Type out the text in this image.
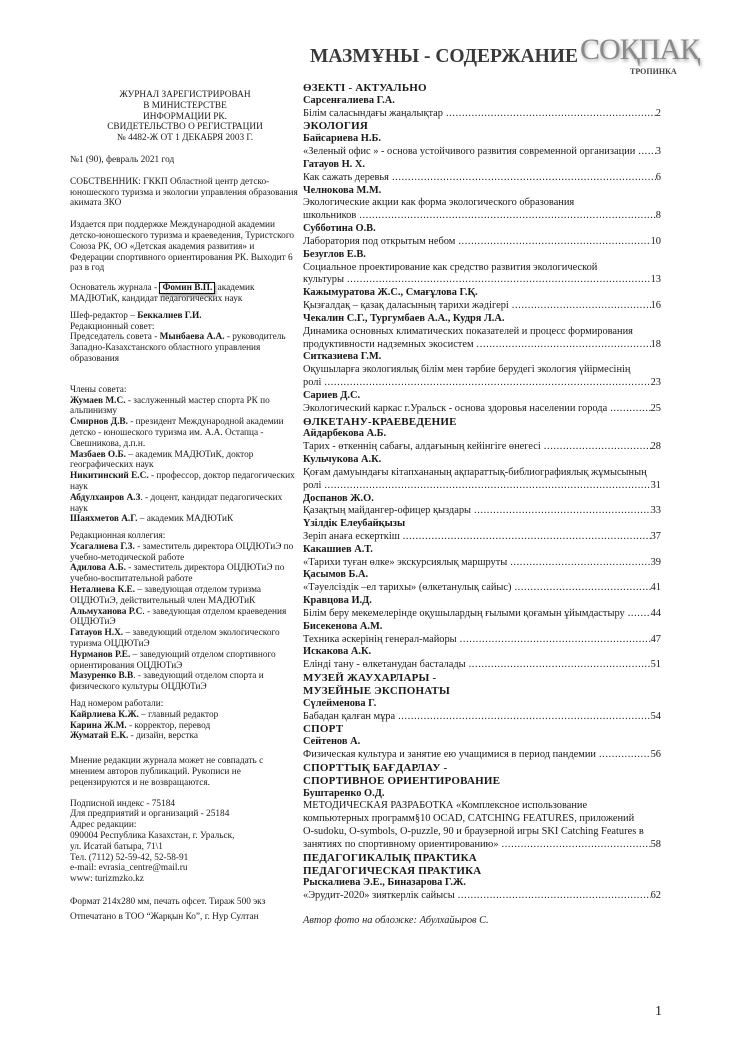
ЖУРНАЛ ЗАРЕГИСТРИРОВАН
В МИНИСТЕРСТВЕ
ИНФОРМАЦИИ РК.
СВИДЕТЕЛЬСТВО О РЕГИСТРАЦИИ
№ 4482-Ж ОТ 1 ДЕКАБРЯ 2003 Г.
№1 (90), февраль 2021 год
СОБСТВЕННИК: ГККП Областной центр детско-юношеского туризма и экологии управления образования акимата ЗКО
Издается при поддержке Международной академии детско-юношеского туризма и краеведения, Туристского Союза РК, ОО «Детская академия развития» и Федерации спортивного ориентирования РК. Выходит 6 раз в год
Основатель журнала - Фомин В.П. академик МАДЮТиК, кандидат педагогических наук
Шеф-редактор – Беккалиев Г.И.
Редакционный совет:
Председатель совета - Мынбаева А.А. - руководитель Западно-Казахстанского областного управления образования
Члены совета:
Жумаев М.С. - заслуженный мастер спорта РК по альпинизму
Смирнов Д.В. - президент Международной академии детско - юношеского туризма им. А.А. Остапца - Свешникова, д.п.н.
Мазбаев О.Б. – академик МАДЮТиК, доктор географических наук
Никитинский Е.С. - профессор, доктор педагогических наук
Абдулхаиров А.З. - доцент, кандидат педагогических наук
Шаяхметов А.Г. – академик МАДЮТиК
Редакционная коллегия:
Усагалиева Г.З. - заместитель директора ОЦДЮТиЭ по учебно-методической работе
Адилова А.Б. - заместитель директора ОЦДЮТиЭ по учебно-воспитательной работе
Неталиева К.Е. – заведующая отделом туризма ОЦДЮТиЭ, действительный член МАДЮТиК
Альмуханова Р.С. - заведующая отделом краеведения ОЦДЮТиЭ
Гатауов Н.Х. – заведующий отделом экологического туризма ОЦДЮТиЭ
Нурманов Р.Е. – заведующий отделом спортивного ориентирования ОЦДЮТиЭ
Мазуренко В.В. - заведующий отделом спорта и физического культуры ОЦДЮТиЭ
Над номером работали:
Кайрлиева К.Ж. – главный редактор
Карина Ж.М. - корректор, перевод
Жуматай Е.К. - дизайн, верстка
Мнение редакции журнала может не совпадать с мнением авторов публикаций. Рукописи не рецензируются и не возвращаются.
Подписной индекс - 75184
Для предприятий и организаций - 25184
Адрес редакции:
090004 Республика Казахстан, г. Уральск,
ул. Исатай батыра, 71\1
Тел. (7112) 52-59-42, 52-58-91
e-mail: evrasia_centre@mail.ru
www: turizmzko.kz
Формат 214x280 мм, печать офсет. Тираж 500 экз
Отпечатано в ТОО “Жарқын Ко”, г. Нур Султан
МАЗМҰНЫ - СОДЕРЖАНИЕ СОҚПАҚ
ТРОПИНКА
ӨЗЕКТІ - АКТУАЛЬНО
Сарсенғалиева Г.А.
Білім саласындағы жаңалықтар .....	2
ЭКОЛОГИЯ
Байсариева Н.Б.
«Зеленый офис » - основа устойчивого развития современной организации ..... 3
Гатауов Н. Х.
Как сажать деревья .....	6
Челнокова М.М.
Экологические акции как форма экологического образования
школьников .....	8
Субботина О.В.
Лаборатория под открытым небом .....	10
Безуглов Е.В.
Социальное проектирование как средство развития экологической
культуры .....	13
Кажымуратова Ж.С., Смағұлова Г.Қ.
Қызғалдақ – қазақ даласының тарихи жәдігері .....	16
Чекалин С.Г., Тургумбаев А.А., Кудря Л.А.
Динамика основных климатических показателей и процесс формирования
продуктивности надземных экосистем .....	18
Ситказиева Г.М.
Оқушыларға экологиялық білім мен тәрбие берудегі экология үйірмесінің
ролі .....	23
Сариев Д.С.
Экологический каркас г.Уральск - основа здоровья населении города .....	25
ӨЛКЕТАНУ-КРАЕВЕДЕНИЕ
Айдарбекова А.Б.
Тарих - өткеннің сабағы, алдағының кейінгіге өнегесі .....	28
Кульчукова А.К.
Қоғам дамуындағы кітапхананың ақпараттық-библиографиялық жұмысының
ролі .....	31
Доспанов Ж.О.
Қазақтың майдангер-офицер қыздары .....	33
Үзілдік Елеубайқызы
Зеріп анаға ескерткіш .....	37
Какашиев А.Т.
«Тарихи туған өлке» экскурсиялық маршруты .....	39
Қасымов Б.А.
«Тәуелсіздік –ел тарихы» (өлкетанулық сайыс) .....	41
Кравцова И.Д.
Білім беру мекемелерінде оқушылардың ғылыми қоғамын ұйымдастыру ..... 44
Бисекенова А.М.
Техника әскерінің генерал-майоры .....	47
Искакова А.К.
Елінді тану - өлкетанудан басталады .....	51
МУЗЕЙ ЖАУХАРЛАРЫ -
МУЗЕЙНЫЕ ЭКСПОНАТЫ
Сүлейменова Г.
Бабадан қалған мұра .....	54
СПОРТ
Сейтенов А.
Физическая культура и занятие ею учащимися в период пандемии .....	56
СПОРТТЫҚ БАҒДАРЛАУ -
СПОРТИВНОЕ ОРИЕНТИРОВАНИЕ
Буштаренко О.Д.
МЕТОДИЧЕСКАЯ РАЗРАБОТКА «Комплексное использование
компьютерных программ§10 OCAD, CATCHING FEATURES, приложений
O-sudoku, O-symbols, O-puzzle, 90 и браузерной игры SKI Catching Features в
занятиях по спортивному ориентированию» .....	58
ПЕДАГОГИКАЛЫҚ ПРАКТИКА
ПЕДАГОГИЧЕСКАЯ ПРАКТИКА
Рыскалиева Э.Е., Биназарова Г.Ж.
«Эрудит-2020» зияткерлік сайысы .....	62
Автор фото на обложке: Абулхайыров С.
1
